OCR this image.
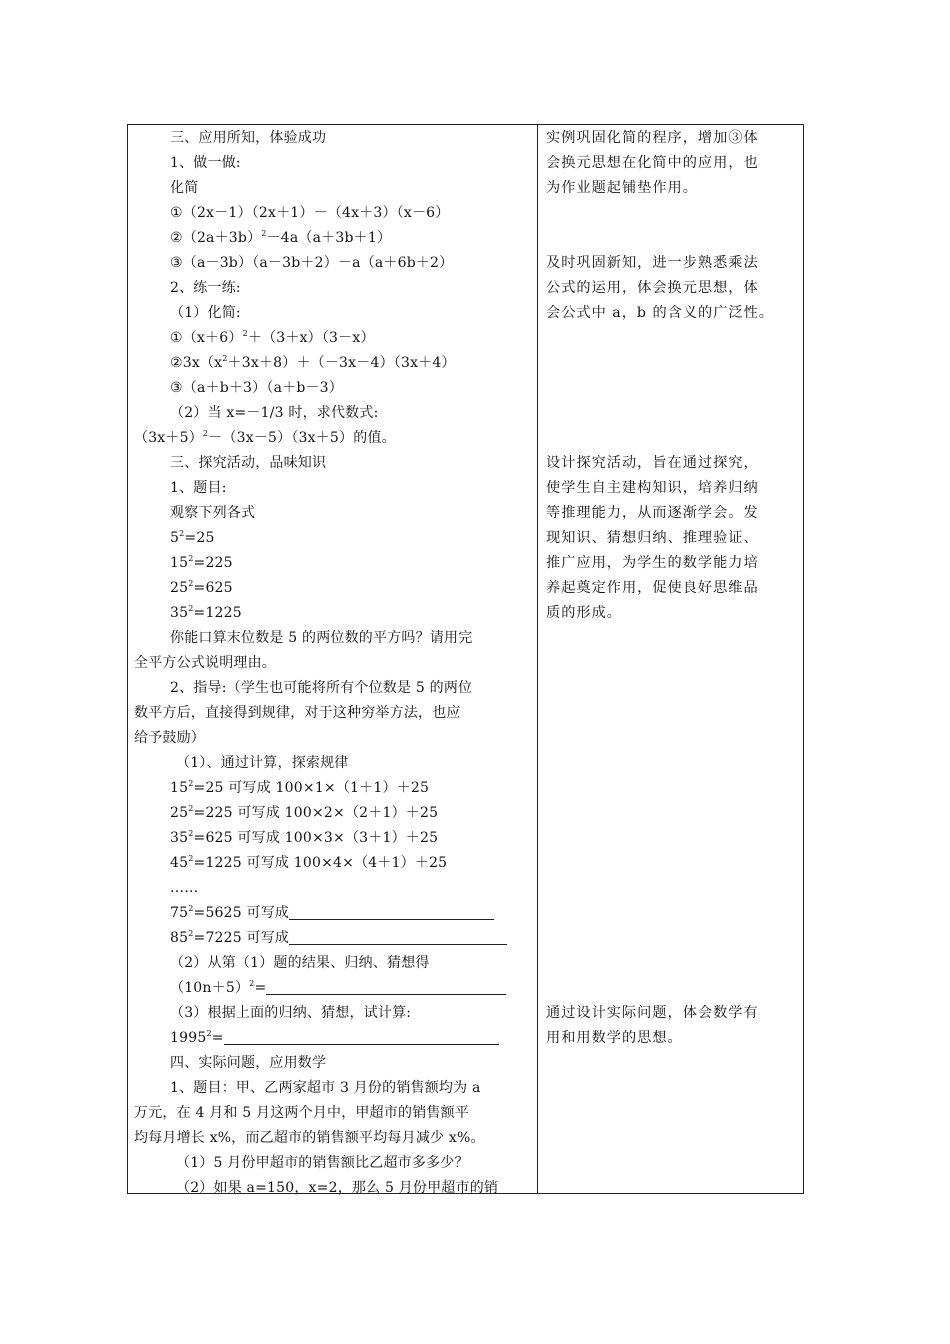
三、应用所知，体验成功
1、做一做:
化简
①（2x－1）（2x＋1）－（4x＋3）（x－6）
$②(2a+3b)^2-4a(a+3b+1)$
③（a－3b）（a－3b＋2）－a（a＋6b＋2）
2、练一练:
（1）化简:
$①(x+6)^2+(3+x)(3-x)$
$②3x(x^2+3x+8)+(-3x-4)(3x+4)$
③（a＋b＋3）（a＋b－3）
（2）当 x=－1/3 时，求代数式:
$(3x+5)^2-(3x-5)(3x+5)$的值。
三、探究活动，品味知识
1、题目:
观察下列各式
$5^2=25$
$15^2=225$
$25^2=625$
$35^2=1225$
你能口算末位数是 5 的两位数的平方吗？请用完
全平方公式说明理由。
2、指导:（学生也可能将所有个位数是 5 的两位
数平方后，直接得到规律，对于这种穷举方法，也应
给予鼓励）
（1）、通过计算，探索规律
$15^2=25$ 可写成 100×1×（1＋1）＋25
$25^2=225$ 可写成 100×2×（2＋1）＋25
$35^2=625$ 可写成 100×3×（3＋1）＋25
$45^2=1225$ 可写成 100×4×（4＋1）＋25
……
$75^2=5625$ 可写成
$85^2=7225$ 可写成
（2）从第（1）题的结果、归纳、猜想得
$(10n+5)^2=$
（3）根据上面的归纳、猜想，试计算:
$1995^2=$
四、实际问题，应用数学
1、题目：甲、乙两家超市 3 月份的销售额均为 a
万元，在 4 月和 5 月这两个月中，甲超市的销售额平
均每月增长 x%，而乙超市的销售额平均每月减少 x%。
（1）5 月份甲超市的销售额比乙超市多多少？
（2）如果 a=150，x=2，那么 5 月份甲超市的销
实例巩固化简的程序，增加③体
会换元思想在化简中的应用，也
为作业题起铺垫作用。
及时巩固新知，进一步熟悉乘法
公式的运用，体会换元思想，体
会公式中 a，b 的含义的广泛性。
设计探究活动，旨在通过探究，
使学生自主建构知识，培养归纳
等推理能力，从而逐渐学会。发
现知识、猜想归纳、推理验证、
推广应用，为学生的数学能力培
养起奠定作用，促使良好思维品
质的形成。
通过设计实际问题，体会数学有
用和用数学的思想。
